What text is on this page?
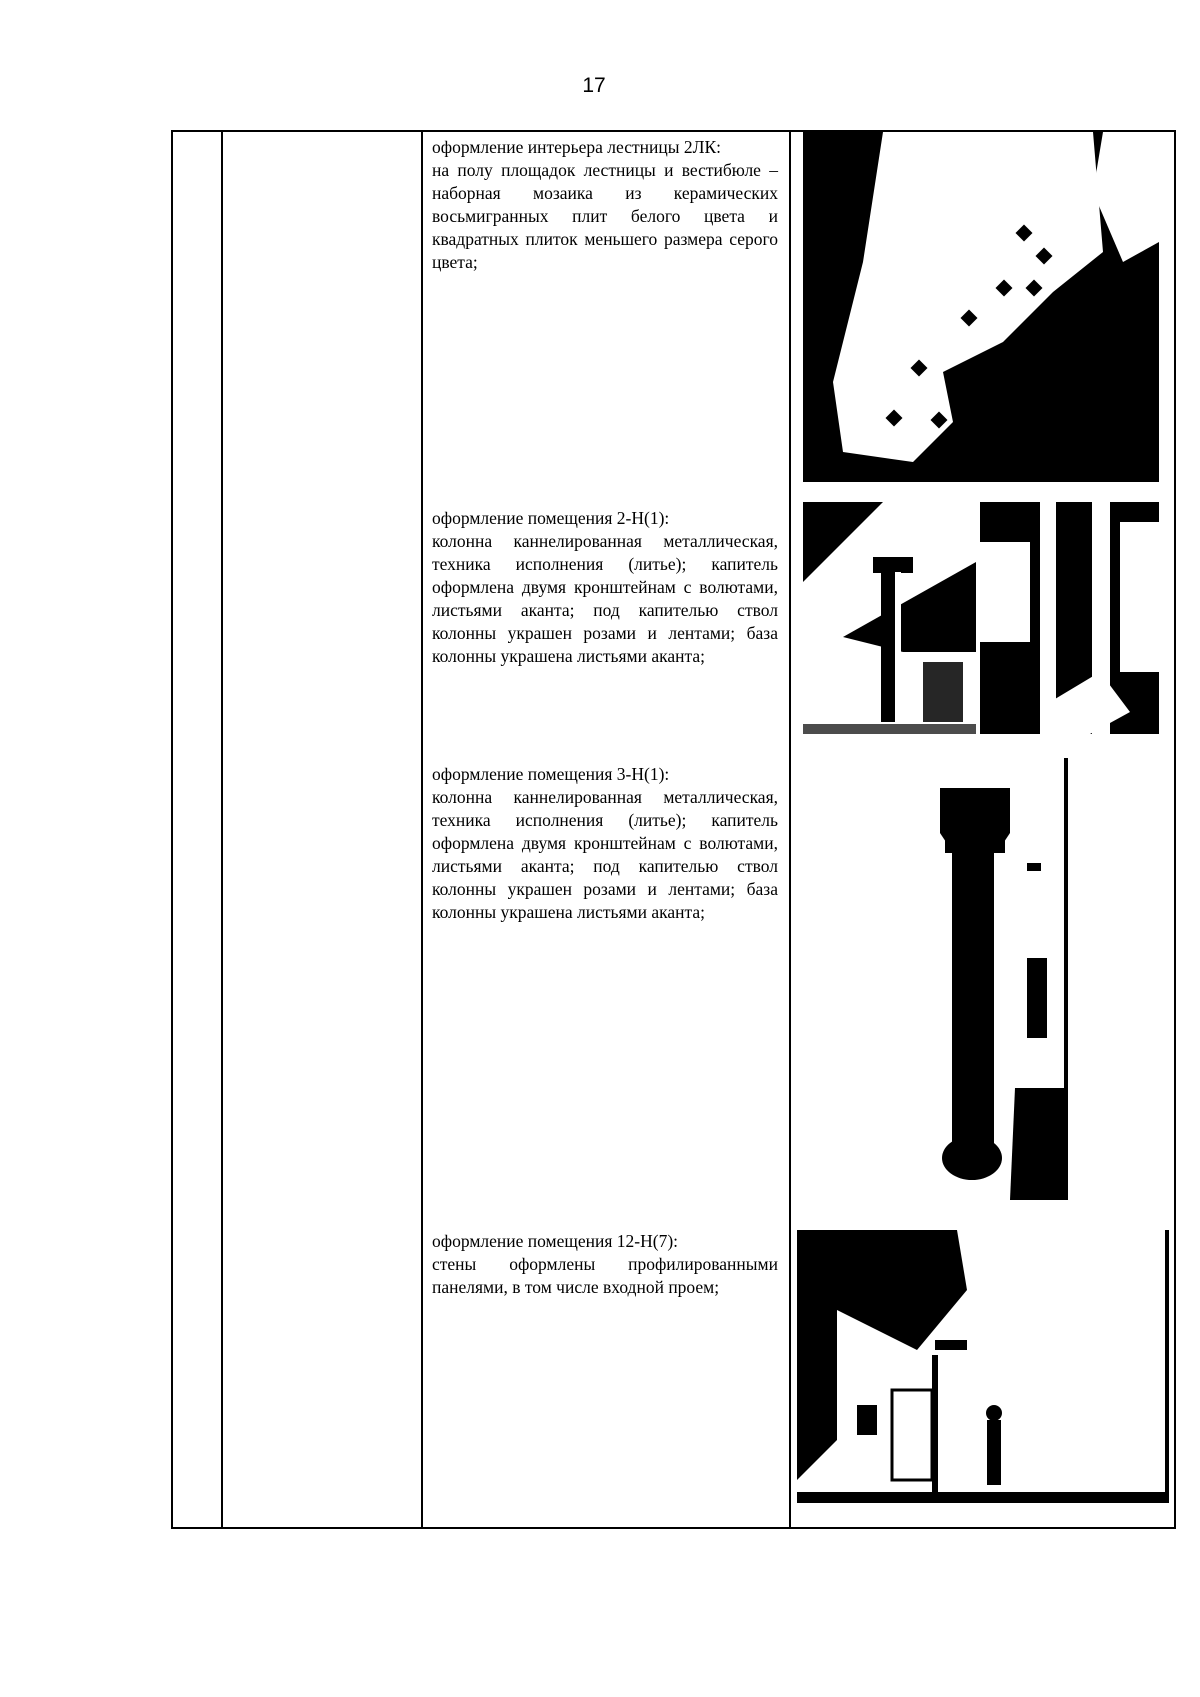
17
оформление интерьера лестницы 2ЛК:
на полу площадок лестницы и вестибюле – наборная мозаика из керамических восьмигранных плит белого цвета и квадратных плиток меньшего размера серого цвета;
оформление помещения 2-Н(1):
колонна каннелированная металлическая, техника исполнения (литье); капитель оформлена двумя кронштейнам с волютами, листьями аканта; под капителью ствол колонны украшен розами и лентами; база колонны украшена листьями аканта;
оформление помещения 3-Н(1):
колонна каннелированная металлическая, техника исполнения (литье); капитель оформлена двумя кронштейнам с волютами, листьями аканта; под капителью ствол колонны украшен розами и лентами; база колонны украшена листьями аканта;
оформление помещения 12-Н(7):
стены оформлены профилированными панелями, в том числе входной проем;
